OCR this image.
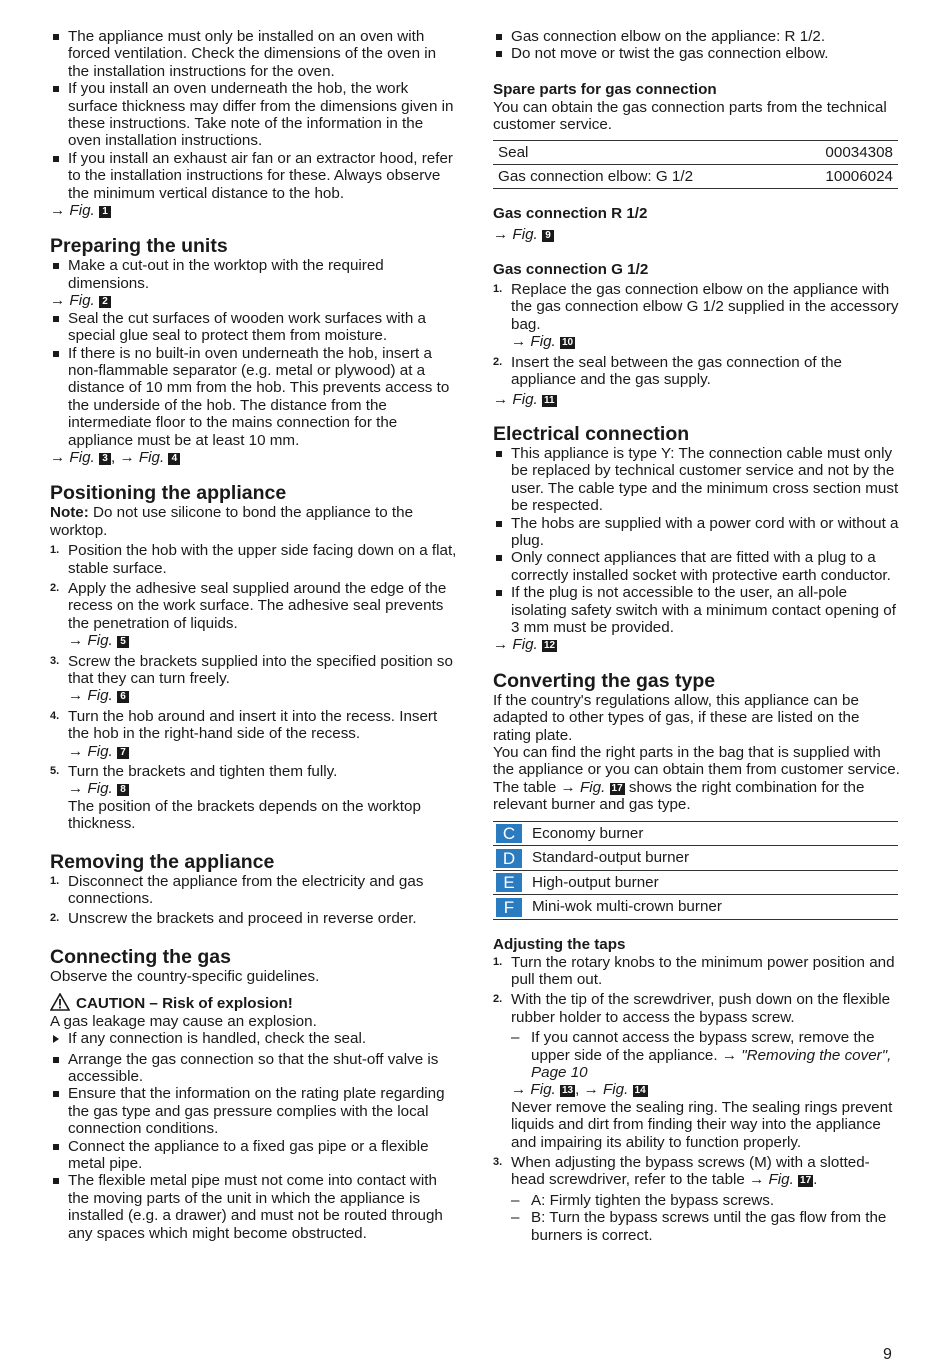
The appliance must only be installed on an oven with forced ventilation. Check the dimensions of the oven in the installation instructions for the oven.
If you install an oven underneath the hob, the work surface thickness may differ from the dimensions given in these instructions. Take note of the information in the oven installation instructions.
If you install an exhaust air fan or an extractor hood, refer to the installation instructions for these. Always observe the minimum vertical distance to the hob.
→ Fig. 1
Preparing the units
Make a cut-out in the worktop with the required dimensions.
→ Fig. 2
Seal the cut surfaces of wooden work surfaces with a special glue seal to protect them from moisture.
If there is no built-in oven underneath the hob, insert a non-flammable separator (e.g. metal or plywood) at a distance of 10 mm from the hob. This prevents access to the underside of the hob. The distance from the intermediate floor to the mains connection for the appliance must be at least 10 mm.
→ Fig. 3 , → Fig. 4
Positioning the appliance

Note: Do not use silicone to bond the appliance to the worktop.

1. Position the hob with the upper side facing down on a flat, stable surface.
2. Apply the adhesive seal supplied around the edge of the recess on the work surface. The adhesive seal prevents the penetration of liquids.
→ Fig. 5
3. Screw the brackets supplied into the specified position so that they can turn freely.
→ Fig. 6
4. Turn the hob around and insert it into the recess. Insert the hob in the right-hand side of the recess.
→ Fig. 7
5. Turn the brackets and tighten them fully.
→ Fig. 8
The position of the brackets depends on the worktop thickness.
Removing the appliance
1. Disconnect the appliance from the electricity and gas connections.
2. Unscrew the brackets and proceed in reverse order.
Connecting the gas

Observe the country-specific guidelines.

CAUTION – Risk of explosion!

A gas leakage may cause an explosion.

If any connection is handled, check the seal.
Arrange the gas connection so that the shut-off valve is accessible.
Ensure that the information on the rating plate regarding the gas type and gas pressure complies with the local connection conditions.
Connect the appliance to a fixed gas pipe or a flexible metal pipe.
The flexible metal pipe must not come into contact with the moving parts of the unit in which the appliance is installed (e.g. a drawer) and must not be routed through any spaces which might become obstructed.
Gas connection elbow on the appliance: R 1/2.
Do not move or twist the gas connection elbow.
Spare parts for gas connection

You can obtain the gas connection parts from the technical customer service.

Seal	00034308
Gas connection elbow: G 1/2	10006024
Gas connection R 1/2
→ Fig. 9
Gas connection G 1/2
1. Replace the gas connection elbow on the appliance with the gas connection elbow G 1/2 supplied in the accessory bag.
→ Fig. 10
2. Insert the seal between the gas connection of the appliance and the gas supply.
→ Fig. 11
Electrical connection
This appliance is type Y: The connection cable must only be replaced by technical customer service and not by the user. The cable type and the minimum cross section must be respected.
The hobs are supplied with a power cord with or without a plug.
Only connect appliances that are fitted with a plug to a correctly installed socket with protective earth conductor.
If the plug is not accessible to the user, an all-pole isolating safety switch with a minimum contact opening of 3 mm must be provided.
→ Fig. 12
Converting the gas type

If the country's regulations allow, this appliance can be adapted to other types of gas, if these are listed on the rating plate.

You can find the right parts in the bag that is supplied with the appliance or you can obtain them from customer service. The table → Fig. 17 shows the right combination for the relevant burner and gas type.

C Economy burner
D Standard-output burner
E High-output burner
F Mini-wok multi-crown burner
Adjusting the taps
1. Turn the rotary knobs to the minimum power position and pull them out.
2. With the tip of the screwdriver, push down on the flexible rubber holder to access the bypass screw.
– If you cannot access the bypass screw, remove the upper side of the appliance. → "Removing the cover", Page 10
→ Fig. 13 , → Fig. 14
Never remove the sealing ring. The sealing rings prevent liquids and dirt from finding their way into the appliance and impairing its ability to function properly.
3. When adjusting the bypass screws (M) with a slotted-head screwdriver, refer to the table → Fig. 17 .
– A: Firmly tighten the bypass screws.
– B: Turn the bypass screws until the gas flow from the burners is correct.
9
